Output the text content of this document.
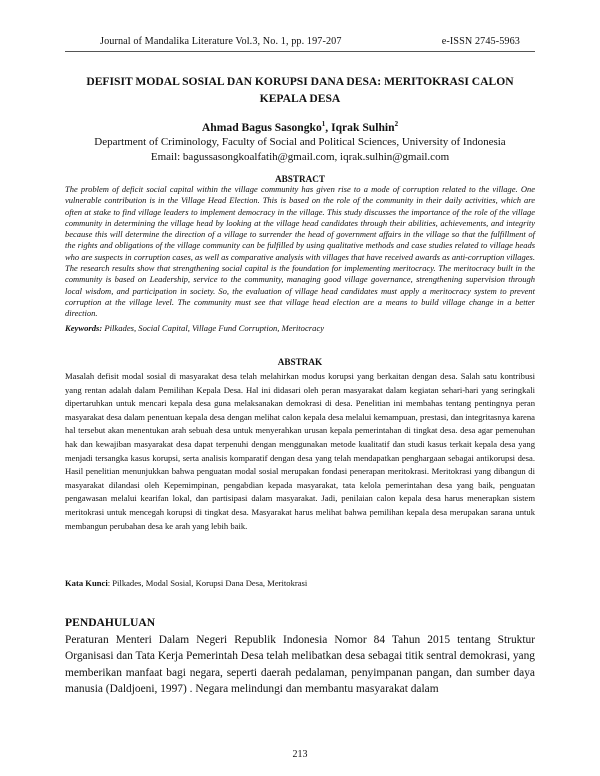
Journal of Mandalika Literature Vol.3, No. 1, pp. 197-207	e-ISSN 2745-5963
DEFISIT MODAL SOSIAL DAN KORUPSI DANA DESA: MERITOKRASI CALON KEPALA DESA
Ahmad Bagus Sasongko$^1$, Iqrak Sulhin$^2$
Department of Criminology, Faculty of Social and Political Sciences, University of Indonesia
Email: bagussasongkoalfatih@gmail.com, iqrak.sulhin@gmail.com
ABSTRACT
The problem of deficit social capital within the village community has given rise to a mode of corruption related to the village. One vulnerable contribution is in the Village Head Election. This is based on the role of the community in their daily activities, which are often at stake to find village leaders to implement democracy in the village. This study discusses the importance of the role of the village community in determining the village head by looking at the village head candidates through their abilities, achievements, and integrity because this will determine the direction of a village to surrender the head of government affairs in the village so that the fulfillment of the rights and obligations of the village community can be fulfilled by using qualitative methods and case studies related to village heads who are suspects in corruption cases, as well as comparative analysis with villages that have received awards as anti-corruption villages. The research results show that strengthening social capital is the foundation for implementing meritocracy. The meritocracy built in the community is based on Leadership, service to the community, managing good village governance, strengthening supervision through local wisdom, and participation in society. So, the evaluation of village head candidates must apply a meritocracy system to prevent corruption at the village level. The community must see that village head election are a means to build village change in a better direction.
Keywords: Pilkades, Social Capital, Village Fund Corruption, Meritocracy
ABSTRAK
Masalah defisit modal sosial di masyarakat desa telah melahirkan modus korupsi yang berkaitan dengan desa. Salah satu kontribusi yang rentan adalah dalam Pemilihan Kepala Desa. Hal ini didasari oleh peran masyarakat dalam kegiatan sehari-hari yang seringkali dipertaruhkan untuk mencari kepala desa guna melaksanakan demokrasi di desa. Penelitian ini membahas tentang pentingnya peran masyarakat desa dalam penentuan kepala desa dengan melihat calon kepala desa melalui kemampuan, prestasi, dan integritasnya karena hal tersebut akan menentukan arah sebuah desa untuk menyerahkan urusan kepala pemerintahan di tingkat desa. desa agar pemenuhan hak dan kewajiban masyarakat desa dapat terpenuhi dengan menggunakan metode kualitatif dan studi kasus terkait kepala desa yang menjadi tersangka kasus korupsi, serta analisis komparatif dengan desa yang telah mendapatkan penghargaan sebagai antikorupsi desa. Hasil penelitian menunjukkan bahwa penguatan modal sosial merupakan fondasi penerapan meritokrasi. Meritokrasi yang dibangun di masyarakat dilandasi oleh Kepemimpinan, pengabdian kepada masyarakat, tata kelola pemerintahan desa yang baik, penguatan pengawasan melalui kearifan lokal, dan partisipasi dalam masyarakat. Jadi, penilaian calon kepala desa harus menerapkan sistem meritokrasi untuk mencegah korupsi di tingkat desa. Masyarakat harus melihat bahwa pemilihan kepala desa merupakan sarana untuk membangun perubahan desa ke arah yang lebih baik.
Kata Kunci: Pilkades, Modal Sosial, Korupsi Dana Desa, Meritokrasi
PENDAHULUAN
Peraturan Menteri Dalam Negeri Republik Indonesia Nomor 84 Tahun 2015 tentang Struktur Organisasi dan Tata Kerja Pemerintah Desa telah melibatkan desa sebagai titik sentral demokrasi, yang memberikan manfaat bagi negara, seperti daerah pedalaman, penyimpanan pangan, dan sumber daya manusia (Daldjoeni, 1997) . Negara melindungi dan membantu masyarakat dalam
213
